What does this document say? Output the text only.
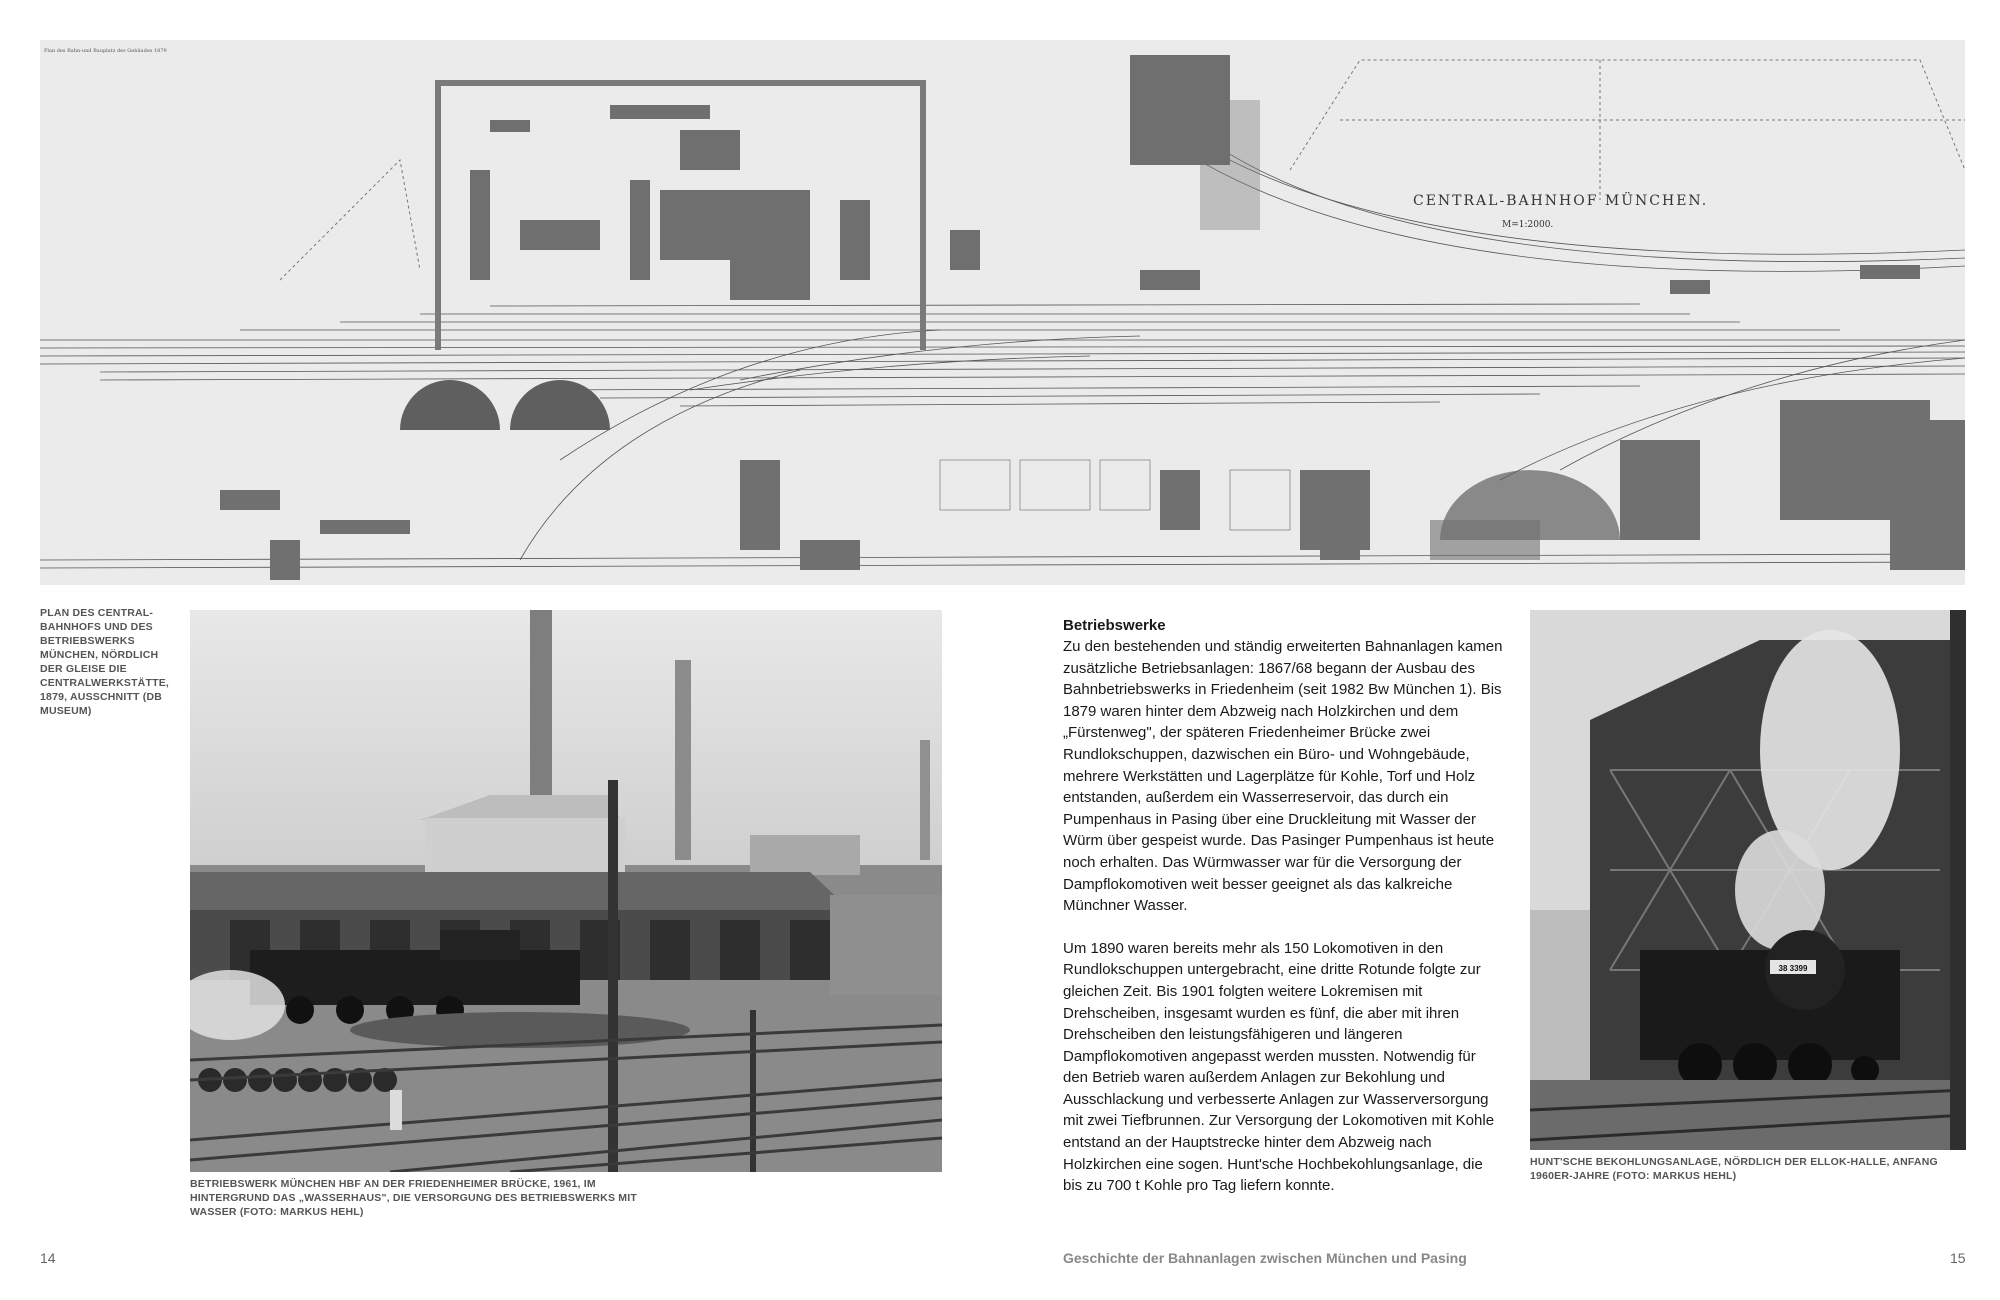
Plan des Bahn-und Bauplatz des Gebäudes 1879
CENTRAL-BAHNHOF MÜNCHEN.
M=1:2000.
PLAN DES CENTRAL-BAHNHOFS UND DES BETRIEBSWERKS MÜNCHEN, NÖRDLICH DER GLEISE DIE CENTRALWERKSTÄTTE, 1879, AUSSCHNITT (DB MUSEUM)
BETRIEBSWERK MÜNCHEN HBF AN DER FRIEDENHEIMER BRÜCKE, 1961, IM HINTERGRUND DAS „WASSERHAUS", DIE VERSORGUNG DES BETRIEBSWERKS MIT WASSER (FOTO: MARKUS HEHL)
Betriebswerke

Zu den bestehenden und ständig erweiterten Bahnanlagen kamen zusätzliche Betriebsanlagen: 1867/68 begann der Ausbau des Bahnbetriebswerks in Friedenheim (seit 1982 Bw München 1). Bis 1879 waren hinter dem Abzweig nach Holzkirchen und dem „Fürstenweg", der späteren Friedenheimer Brücke zwei Rundlokschuppen, dazwischen ein Büro- und Wohngebäude, mehrere Werkstätten und Lagerplätze für Kohle, Torf und Holz entstanden, außerdem ein Wasserreservoir, das durch ein Pumpenhaus in Pasing über eine Druckleitung mit Wasser der Würm über gespeist wurde. Das Pasinger Pumpenhaus ist heute noch erhalten. Das Würmwasser war für die Versorgung der Dampflokomotiven weit besser geeignet als das kalkreiche Münchner Wasser.

Um 1890 waren bereits mehr als 150 Lokomotiven in den Rundlokschuppen untergebracht, eine dritte Rotunde folgte zur gleichen Zeit. Bis 1901 folgten weitere Lokremisen mit Drehscheiben, insgesamt wurden es fünf, die aber mit ihren Drehscheiben den leistungsfähigeren und längeren Dampflokomotiven angepasst werden mussten. Notwendig für den Betrieb waren außerdem Anlagen zur Bekohlung und Ausschlackung und verbesserte Anlagen zur Wasserversorgung mit zwei Tiefbrunnen. Zur Versorgung der Lokomotiven mit Kohle entstand an der Hauptstrecke hinter dem Abzweig nach Holzkirchen eine sogen. Hunt'sche Hochbekohlungsanlage, die bis zu 700 t Kohle pro Tag liefern konnte.

38 3399
HUNT'SCHE BEKOHLUNGSANLAGE, NÖRDLICH DER ELLOK-HALLE, ANFANG 1960ER-JAHRE (FOTO: MARKUS HEHL)
14	Geschichte der Bahnanlagen zwischen München und Pasing	15
